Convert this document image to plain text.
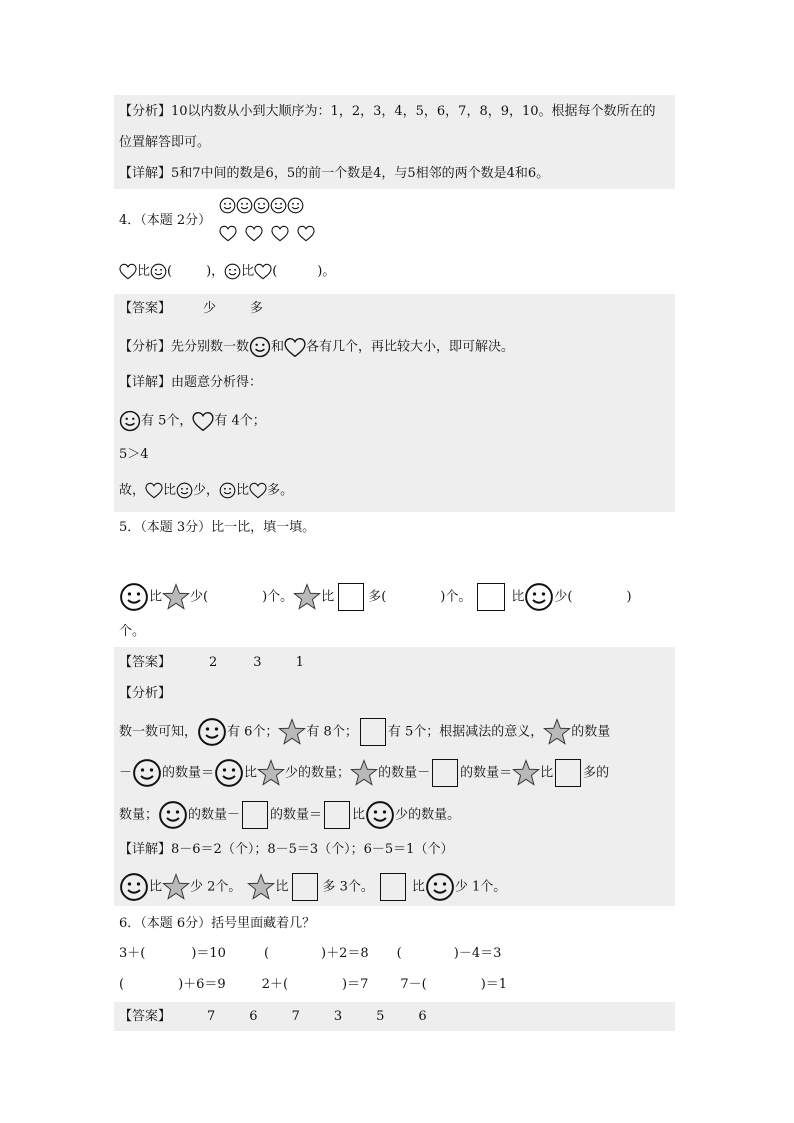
【分析】10以内数从小到大顺序为：1，2，3，4，5，6，7，8，9，10。根据每个数所在的
位置解答即可。
【详解】5和7中间的数是6，5的前一个数是4，与5相邻的两个数是4和6。
4．（本题 2分）
比 (	)， 比 (	)。
【答案】 少	多
【分析】先分别数一数 和 各有几个，再比较大小，即可解决。
【详解】由题意分析得：
有 5个， 有 4个；
5＞4
故， 比 少， 比 多。
5．（本题 3分）比一比，填一填。
比 少(	)个。 比	多(	)个。	比 少(	)
个。
【答案】	2	3	1
【分析】
数一数可知， 有 6个； 有 8个； 有 5个；根据减法的意义， 的数量
－ 的数量＝ 比 少的数量； 的数量－ 的数量＝ 比 多的
数量； 的数量－ 的数量＝ 比 少的数量。
【详解】8－6＝2（个）；8－5＝3（个）；6－5＝1（个）
比 少 2个。	比	多 3个。	比 少 1个。
6．（本题 6分）括号里面藏着几？
3＋(	)＝10	(	)＋2＝8 (	)－4＝3
(	)＋6＝9	2＋(	)＝7 7－(	)＝1
【答案】	7	6	7	3	5	6
